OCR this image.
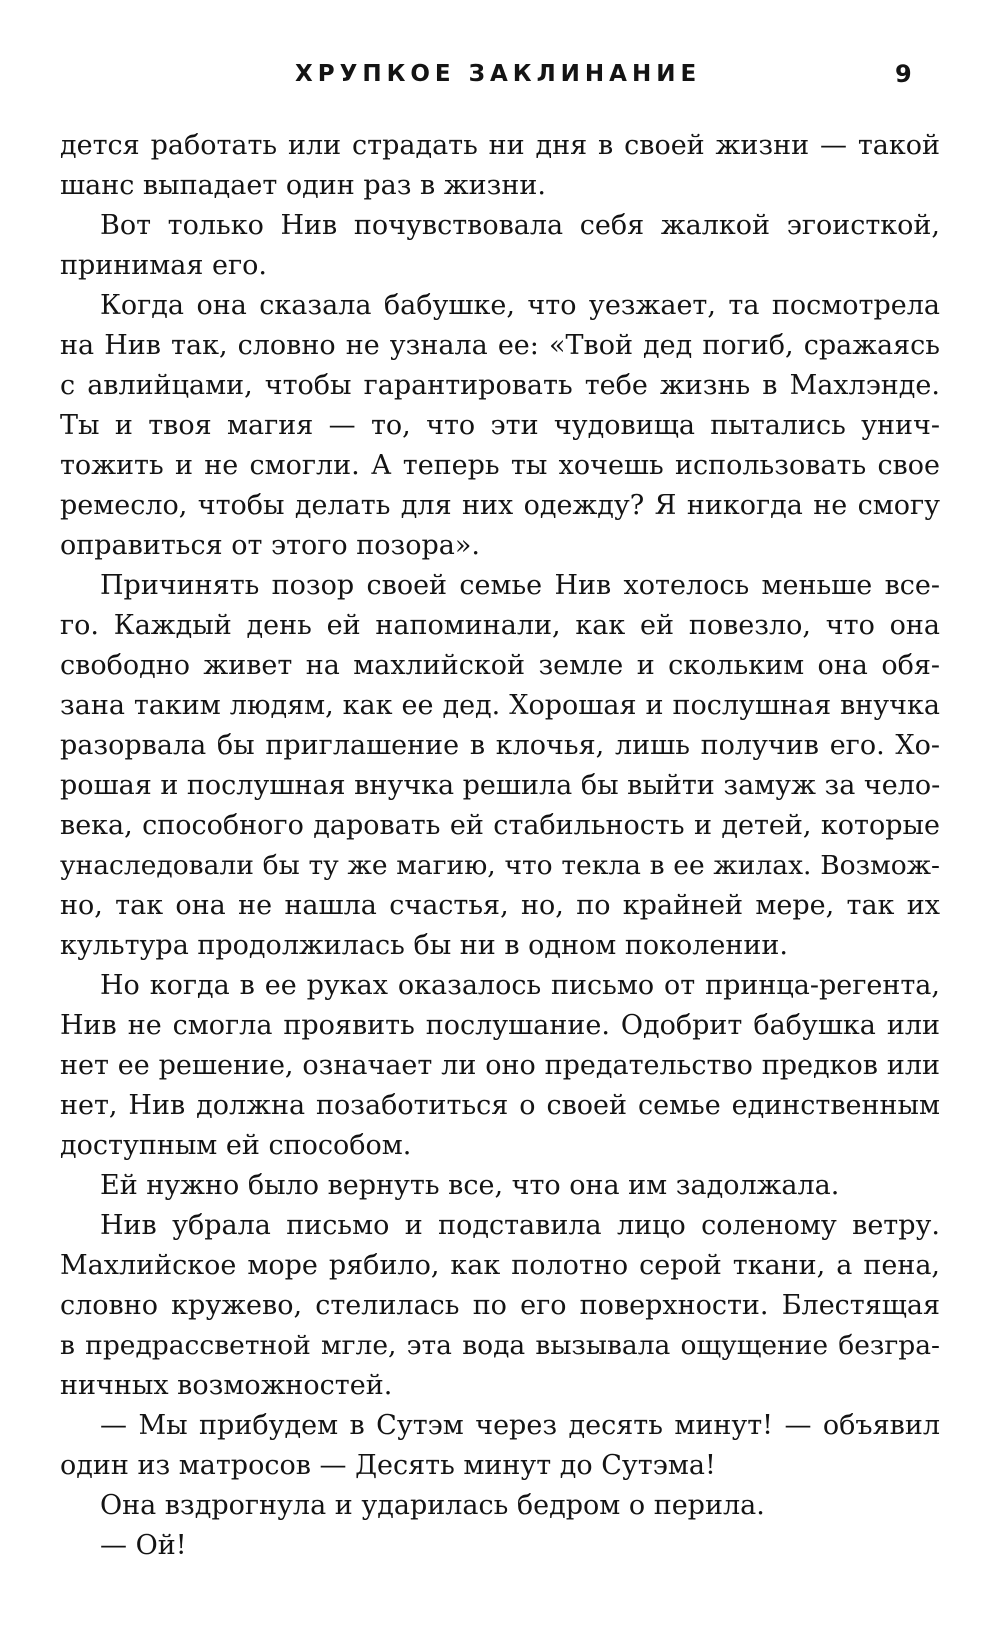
ХРУПКОЕ ЗАКЛИНАНИЕ	9
дется работать или страдать ни дня в своей жизни — такой
шанс выпадает один раз в жизни.
Вот только Нив почувствовала себя жалкой эгоисткой,
принимая его.
Когда она сказала бабушке, что уезжает, та посмотрела
на Нив так, словно не узнала ее: «Твой дед погиб, сражаясь
с авлийцами, чтобы гарантировать тебе жизнь в Махлэнде.
Ты и твоя магия — то, что эти чудовища пытались унич-
тожить и не смогли. А теперь ты хочешь использовать свое
ремесло, чтобы делать для них одежду? Я никогда не смогу
оправиться от этого позора».
Причинять позор своей семье Нив хотелось меньше все-
го. Каждый день ей напоминали, как ей повезло, что она
свободно живет на махлийской земле и скольким она обя-
зана таким людям, как ее дед. Хорошая и послушная внучка
разорвала бы приглашение в клочья, лишь получив его. Хо-
рошая и послушная внучка решила бы выйти замуж за чело-
века, способного даровать ей стабильность и детей, которые
унаследовали бы ту же магию, что текла в ее жилах. Возмож-
но, так она не нашла счастья, но, по крайней мере, так их
культура продолжилась бы ни в одном поколении.
Но когда в ее руках оказалось письмо от принца-регента,
Нив не смогла проявить послушание. Одобрит бабушка или
нет ее решение, означает ли оно предательство предков или
нет, Нив должна позаботиться о своей семье единственным
доступным ей способом.
Ей нужно было вернуть все, что она им задолжала.
Нив убрала письмо и подставила лицо соленому ветру.
Махлийское море рябило, как полотно серой ткани, а пена,
словно кружево, стелилась по его поверхности. Блестящая
в предрассветной мгле, эта вода вызывала ощущение безгра-
ничных возможностей.
— Мы прибудем в Сутэм через десять минут! — объявил
один из матросов — Десять минут до Сутэма!
Она вздрогнула и ударилась бедром о перила.
— Ой!
